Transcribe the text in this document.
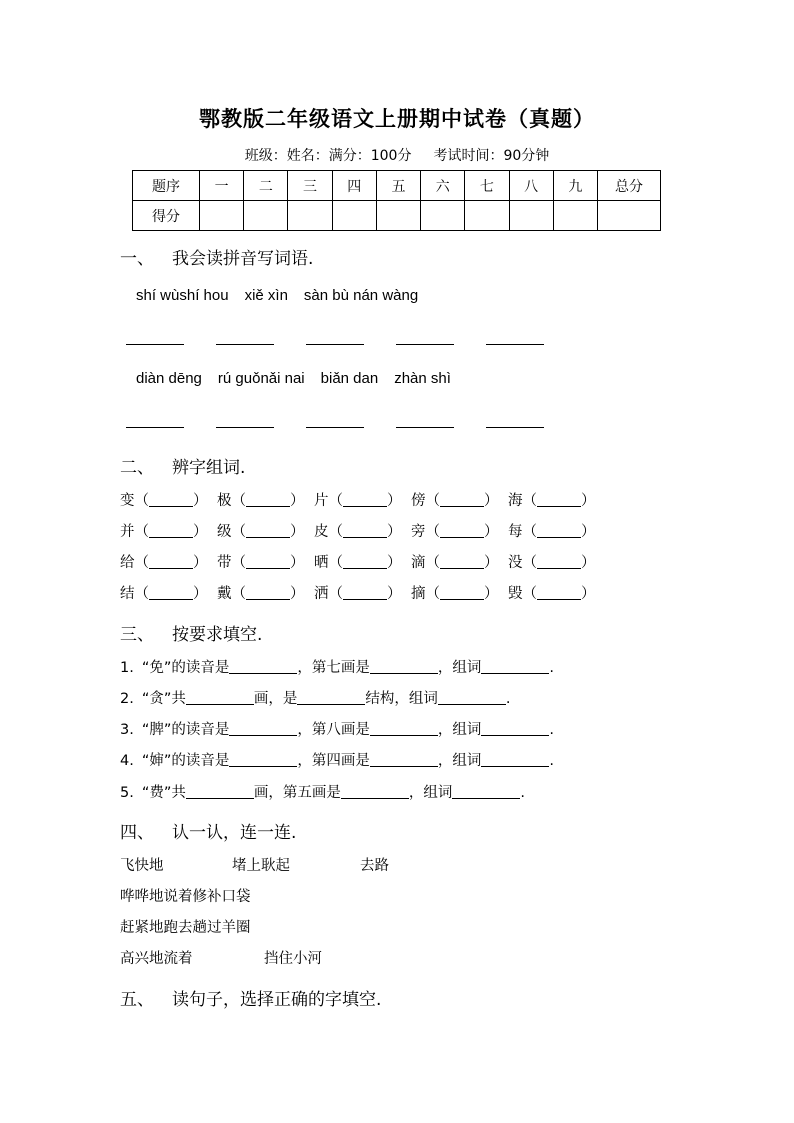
鄂教版二年级语文上册期中试卷（真题）
班级：姓名：满分：100分 考试时间：90分钟
题序	一	二	三	四	五	六	七	八	九	总分
得分										
一、 我会读拼音写词语.
shí wùshí hou xiě xìn sàn bù nán wàng
diàn dēng rú guǒnǎi nai biǎn dan zhàn shì
二、 辨字组词.
变（	） 极（	） 片（	） 傍（	） 海（	）
并（	） 级（	） 皮（	） 旁（	） 每（	）
给（	） 带（	） 晒（	） 滴（	） 没（	）
结（	） 戴（	） 洒（	） 摘（	） 毁（	）
三、 按要求填空.
1. “免”的读音是	，第七画是	，组词	.
2. “贪”共	画，是	结构，组词	.
3. “脾”的读音是	，第八画是	，组词	.
4. “婶”的读音是	，第四画是	，组词	.
5. “费”共	画，第五画是	，组词	.
四、 认一认，连一连.
飞快地	堵上耿起	去路
哗哗地说着修补口袋
赶紧地跑去趟过羊圈
高兴地流着	挡住小河
五、 读句子，选择正确的字填空.
